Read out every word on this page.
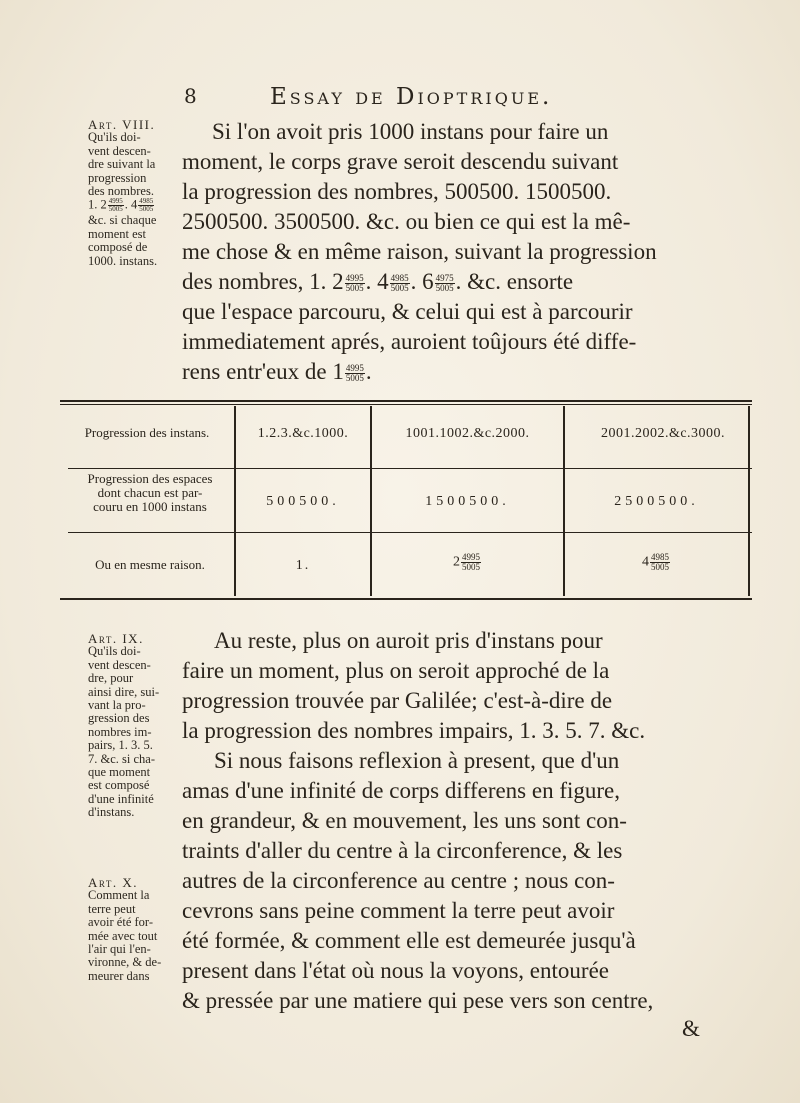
8	Essay de Dioptrique.
Art. VIII.
Qu'ils doi-
vent descen-
dre suivant la
progression
des nombres.
1. $2 \frac{4995}{5005}$ . $4 \frac{4985}{5005}$
&c. si chaque
moment est
composé de
1000. instans.
Si l'on avoit pris 1000 instans pour faire un
moment, le corps grave seroit descendu suivant
la progression des nombres, 500500. 1500500.
2500500. 3500500. &c. ou bien ce qui est la mê-
me chose & en même raison, suivant la progression
des nombres, 1. $2 \frac{4995}{5005}$ . $4 \frac{4985}{5005}$ . $6 \frac{4975}{5005}$ . &c. ensorte
que l'espace parcouru, & celui qui est à parcourir
immediatement aprés, auroient toûjours été diffe-
rens entr'eux de $1 \frac{4995}{5005}$ .
Progression des instans.	1.2.3.&c.1000.	1001.1002.&c.2000.	2001.2002.&c.3000.
Progression des espaces
dont chacun est par-
couru en 1000 instans	500500.	1500500.	2500500.
Ou en mesme raison.	1.	$2 \frac{4995}{5005}$	$4 \frac{4985}{5005}$
Art. IX.
Qu'ils doi-
vent descen-
dre, pour
ainsi dire, sui-
vant la pro-
gression des
nombres im-
pairs, 1. 3. 5.
7. &c. si cha-
que moment
est composé
d'une infinité
d'instans.
Art. X.
Comment la
terre peut
avoir été for-
mée avec tout
l'air qui l'en-
vironne, & de-
meurer dans
Au reste, plus on auroit pris d'instans pour
faire un moment, plus on seroit approché de la
progression trouvée par Galilée; c'est-à-dire de
la progression des nombres impairs, 1. 3. 5. 7. &c.
Si nous faisons reflexion à present, que d'un
amas d'une infinité de corps differens en figure,
en grandeur, & en mouvement, les uns sont con-
traints d'aller du centre à la circonference, & les
autres de la circonference au centre ; nous con-
cevrons sans peine comment la terre peut avoir
été formée, & comment elle est demeurée jusqu'à
present dans l'état où nous la voyons, entourée
& pressée par une matiere qui pese vers son centre,
&
